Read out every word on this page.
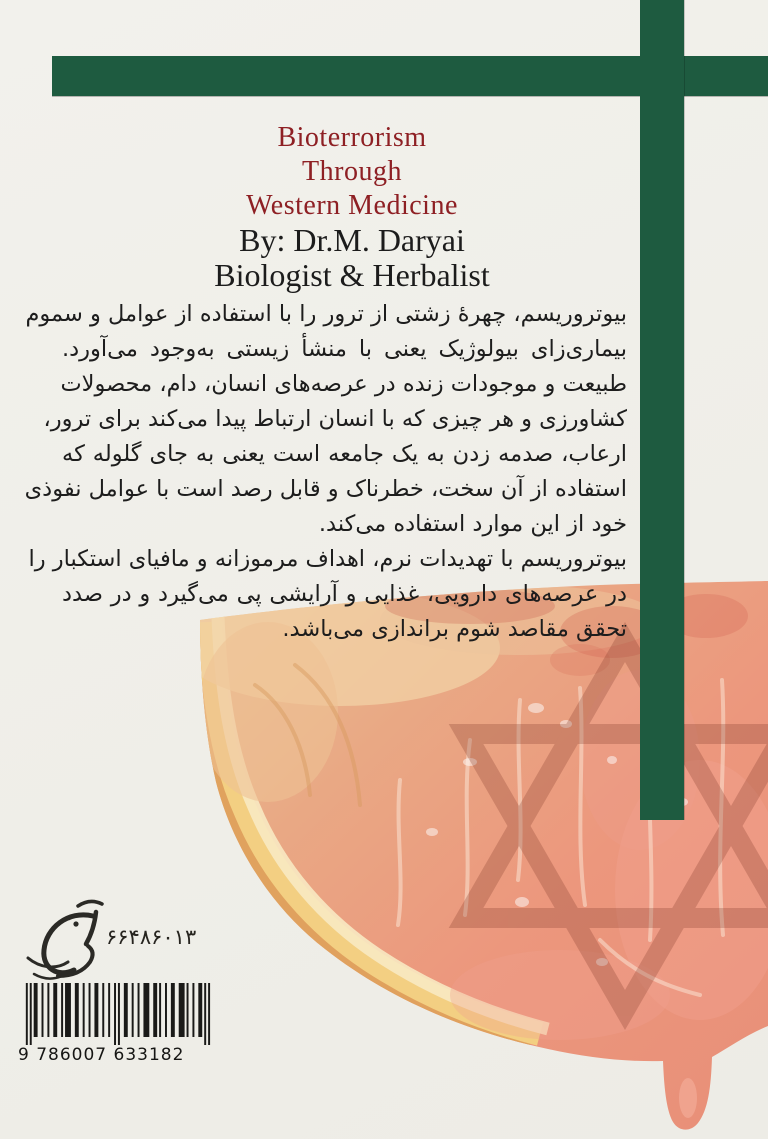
Bioterrorism
Through
Western Medicine
By: Dr.M. Daryai
Biologist & Herbalist
بیوتروریسم، چهرهٔ زشتی از ترور را با استفاده از عوامل و سموم
بیماری‌زای بیولوژیک یعنی با منشأ زیستی به‌وجود می‌آورد.
طبیعت و موجودات زنده در عرصه‌های انسان، دام، محصولات
کشاورزی و هر چیزی که با انسان ارتباط پیدا می‌کند برای ترور،
ارعاب، صدمه زدن به یک جامعه است یعنی به جای گلوله که
استفاده از آن سخت، خطرناک و قابل رصد است با عوامل نفوذی
خود از این موارد استفاده می‌کند.
بیوتروریسم با تهدیدات نرم، اهداف مرموزانه و مافیای استکبار را
در عرصه‌های دارویی، غذایی و آرایشی پی می‌گیرد و در صدد
تحقق مقاصد شوم براندازی می‌باشد.
۶۶۴۸۶۰۱۳
9 786007 633182
